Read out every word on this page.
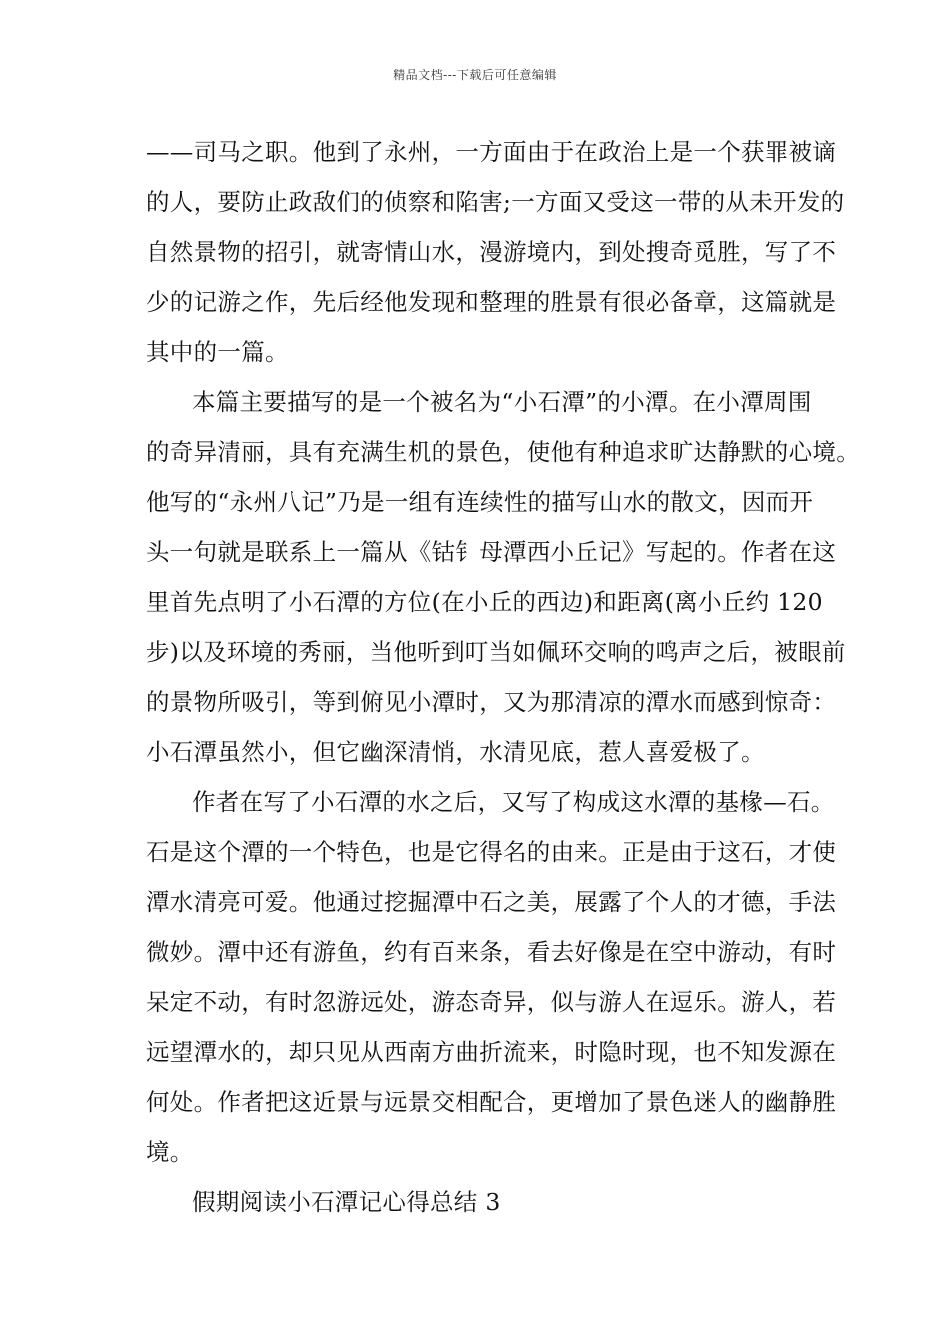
精品文档---下载后可任意编辑
——司马之职。他到了永州，一方面由于在政治上是一个获罪被谪
的人，要防止政敌们的侦察和陷害;一方面又受这一带的从未开发的
自然景物的招引，就寄情山水，漫游境内，到处搜奇觅胜，写了不
少的记游之作，先后经他发现和整理的胜景有很必备章，这篇就是
其中的一篇。
本篇主要描写的是一个被名为“小石潭”的小潭。在小潭周围
的奇异清丽，具有充满生机的景色，使他有种追求旷达静默的心境。
他写的“永州八记”乃是一组有连续性的描写山水的散文，因而开
头一句就是联系上一篇从《钴钅母潭西小丘记》写起的。作者在这
里首先点明了小石潭的方位(在小丘的西边)和距离(离小丘约 120
步)以及环境的秀丽，当他听到叮当如佩环交响的鸣声之后，被眼前
的景物所吸引，等到俯见小潭时，又为那清凉的潭水而感到惊奇：
小石潭虽然小，但它幽深清悄，水清见底，惹人喜爱极了。
作者在写了小石潭的水之后，又写了构成这水潭的基椽—石。
石是这个潭的一个特色，也是它得名的由来。正是由于这石，才使
潭水清亮可爱。他通过挖掘潭中石之美，展露了个人的才德，手法
微妙。潭中还有游鱼，约有百来条，看去好像是在空中游动，有时
呆定不动，有时忽游远处，游态奇异，似与游人在逗乐。游人，若
远望潭水的，却只见从西南方曲折流来，时隐时现，也不知发源在
何处。作者把这近景与远景交相配合，更增加了景色迷人的幽静胜
境。
假期阅读小石潭记心得总结 3
